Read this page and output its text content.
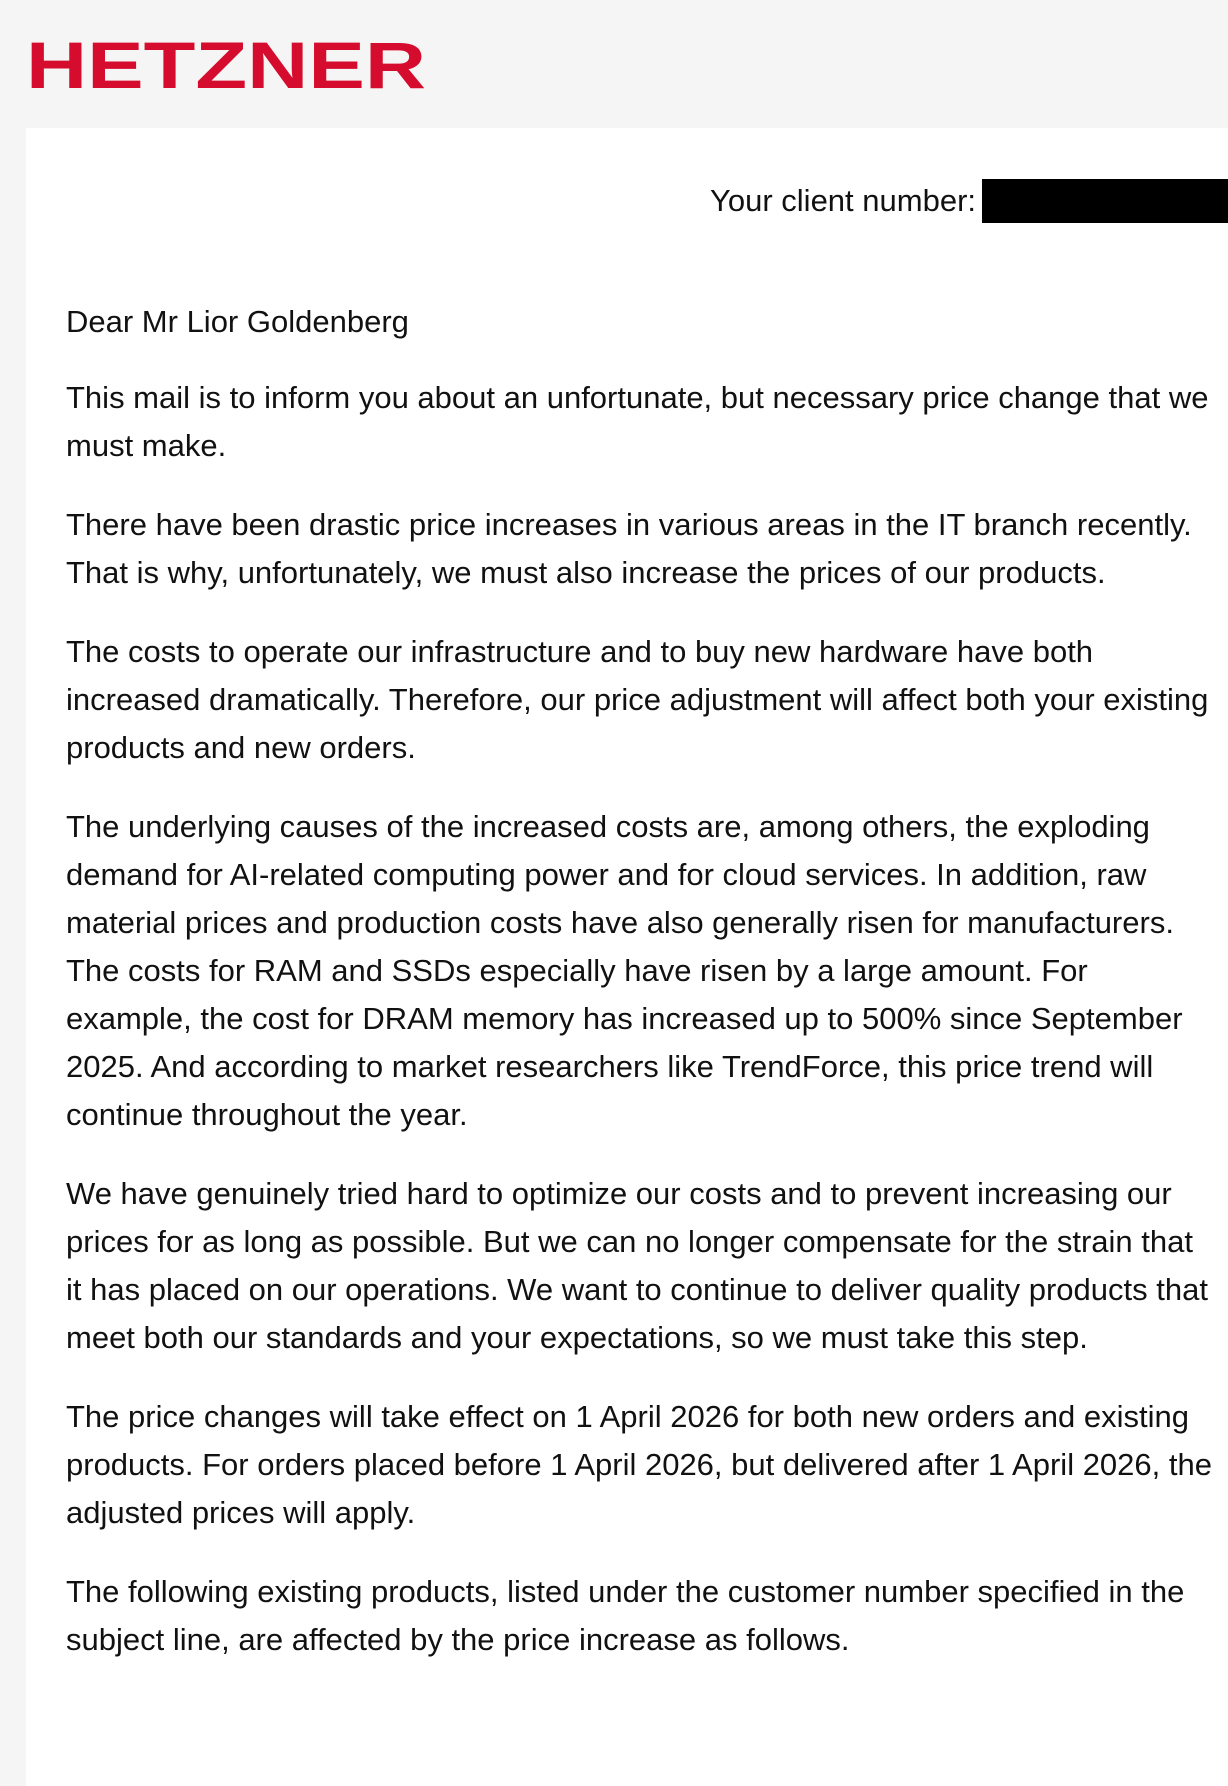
HETZNER
Your client number:

Dear Mr Lior Goldenberg

This mail is to inform you about an unfortunate, but necessary price change that we must make.

There have been drastic price increases in various areas in the IT branch recently. That is why, unfortunately, we must also increase the prices of our products.

The costs to operate our infrastructure and to buy new hardware have both increased dramatically. Therefore, our price adjustment will affect both your existing products and new orders.

The underlying causes of the increased costs are, among others, the exploding demand for AI-related computing power and for cloud services. In addition, raw material prices and production costs have also generally risen for manufacturers. The costs for RAM and SSDs especially have risen by a large amount. For example, the cost for DRAM memory has increased up to 500% since September 2025. And according to market researchers like TrendForce, this price trend will continue throughout the year.

We have genuinely tried hard to optimize our costs and to prevent increasing our prices for as long as possible. But we can no longer compensate for the strain that it has placed on our operations. We want to continue to deliver quality products that meet both our standards and your expectations, so we must take this step.

The price changes will take effect on 1 April 2026 for both new orders and existing products. For orders placed before 1 April 2026, but delivered after 1 April 2026, the adjusted prices will apply.

The following existing products, listed under the customer number specified in the subject line, are affected by the price increase as follows.
